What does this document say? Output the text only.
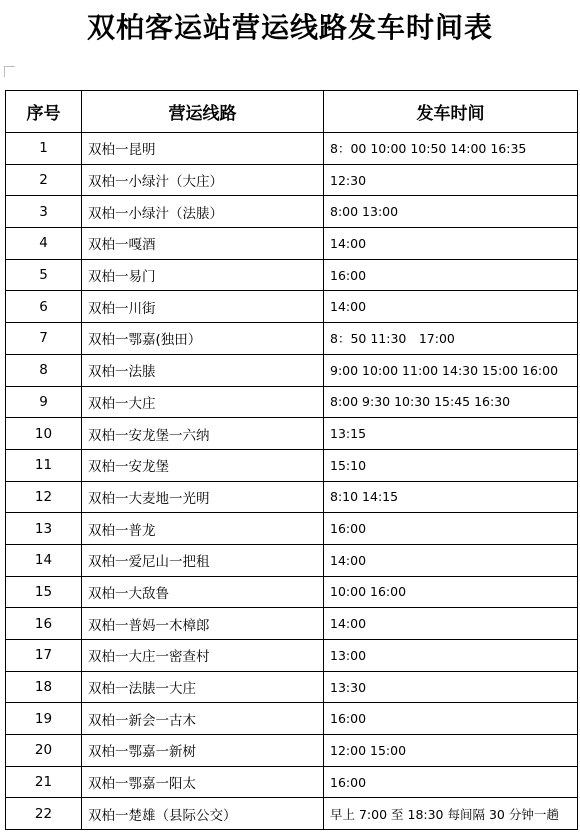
双柏客运站营运线路发车时间表
序号	营运线路	发车时间
1	双柏一昆明	8：00 10:00 10:50 14:00 16:35
2	双柏一小绿汁（大庄）	12:30
3	双柏一小绿汁（法脿）	8:00 13:00
4	双柏一嘎酒	14:00
5	双柏一易门	16:00
6	双柏一川街	14:00
7	双柏一鄂嘉(独田）	8：50 11:30　17:00
8	双柏一法脿	9:00 10:00 11:00 14:30 15:00 16:00
9	双柏一大庄	8:00 9:30 10:30 15:45 16:30
10	双柏一安龙堡一六纳	13:15
11	双柏一安龙堡	15:10
12	双柏一大麦地一光明	8:10 14:15
13	双柏一普龙	16:00
14	双柏一爱尼山一把租	14:00
15	双柏一大敌鲁	10:00 16:00
16	双柏一普妈一木樟郎	14:00
17	双柏一大庄一密查村	13:00
18	双柏一法脿一大庄	13:30
19	双柏一新会一古木	16:00
20	双柏一鄂嘉一新树	12:00 15:00
21	双柏一鄂嘉一阳太	16:00
22	双柏一楚雄（县际公交）	早上 7:00 至 18:30 每间隔 30 分钟一趟
